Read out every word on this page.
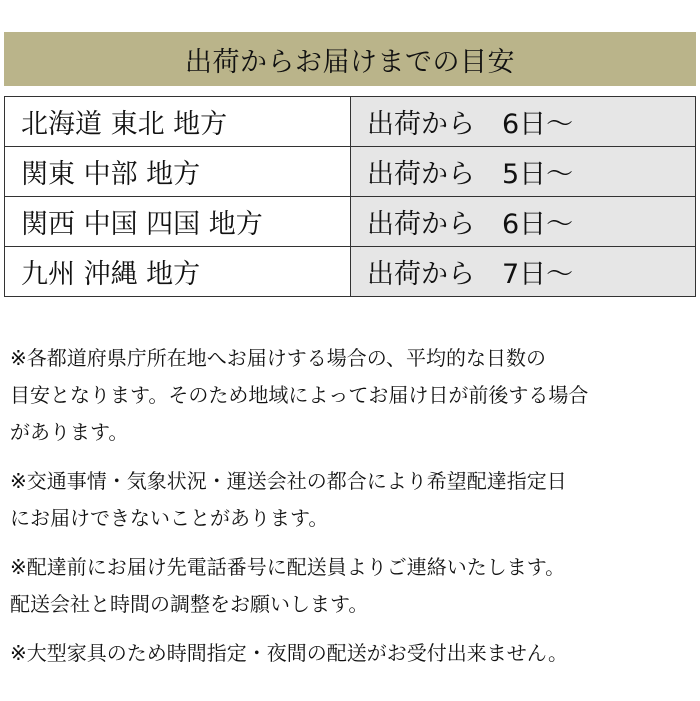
出荷からお届けまでの目安
北海道 東北 地方	出荷から　6日～
関東 中部 地方	出荷から　5日～
関西 中国 四国 地方	出荷から　6日～
九州 沖縄 地方	出荷から　7日～

※各都道府県庁所在地へお届けする場合の、平均的な日数の
目安となります。そのため地域によってお届け日が前後する場合
があります。

※交通事情・気象状況・運送会社の都合により希望配達指定日
にお届けできないことがあります。

※配達前にお届け先電話番号に配送員よりご連絡いたします。
配送会社と時間の調整をお願いします。

※大型家具のため時間指定・夜間の配送がお受付出来ません。
